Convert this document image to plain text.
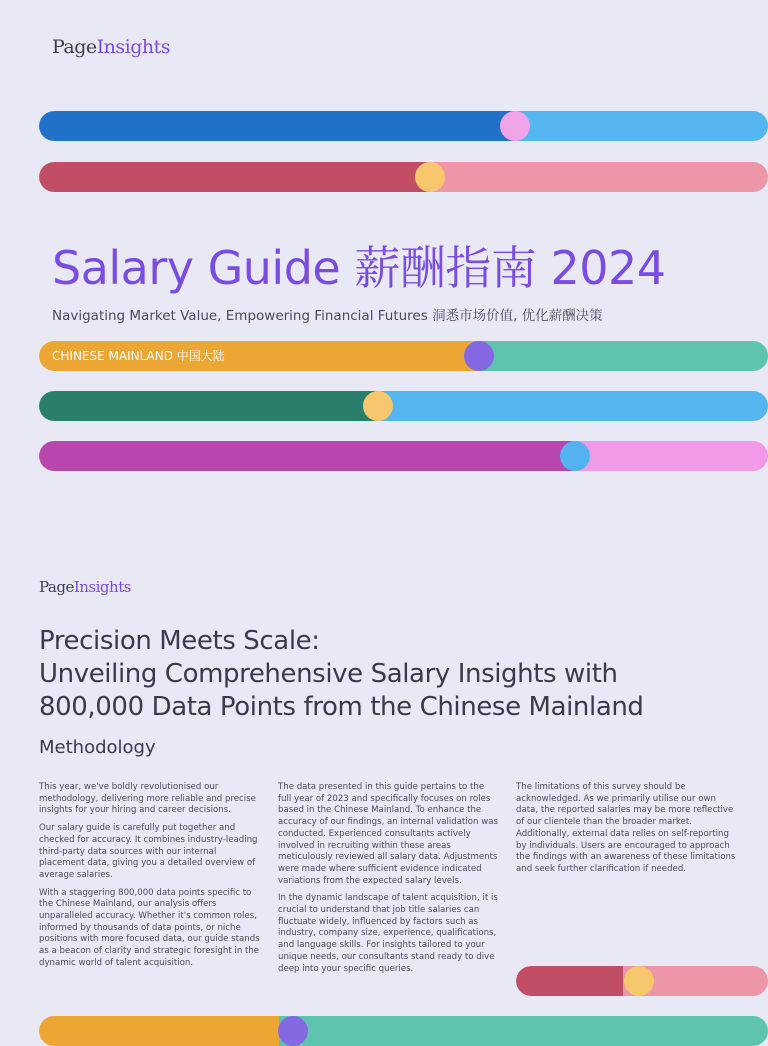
PageInsights
Salary Guide 薪酬指南 2024
Navigating Market Value, Empowering Financial Futures 洞悉市场价值, 优化薪酬决策
CHINESE MAINLAND 中国大陆
PageInsights
Precision Meets Scale:
Unveiling Comprehensive Salary Insights with
800,000 Data Points from the Chinese Mainland
Methodology

This year, we've boldly revolutionised our methodology, delivering more reliable and precise insights for your hiring and career decisions.

Our salary guide is carefully put together and checked for accuracy. It combines industry-leading third-party data sources with our internal placement data, giving you a detailed overview of average salaries.

With a staggering 800,000 data points specific to the Chinese Mainland, our analysis offers unparalleled accuracy. Whether it's common roles, informed by thousands of data points, or niche positions with more focused data, our guide stands as a beacon of clarity and strategic foresight in the dynamic world of talent acquisition.

The data presented in this guide pertains to the full year of 2023 and specifically focuses on roles based in the Chinese Mainland. To enhance the accuracy of our findings, an internal validation was conducted. Experienced consultants actively involved in recruiting within these areas meticulously reviewed all salary data. Adjustments were made where sufficient evidence indicated variations from the expected salary levels.

In the dynamic landscape of talent acquisition, it is crucial to understand that job title salaries can fluctuate widely, influenced by factors such as industry, company size, experience, qualifications, and language skills. For insights tailored to your unique needs, our consultants stand ready to dive deep into your specific queries.

The limitations of this survey should be acknowledged. As we primarily utilise our own data, the reported salaries may be more reflective of our clientele than the broader market. Additionally, external data relies on self-reporting by individuals. Users are encouraged to approach the findings with an awareness of these limitations and seek further clarification if needed.
